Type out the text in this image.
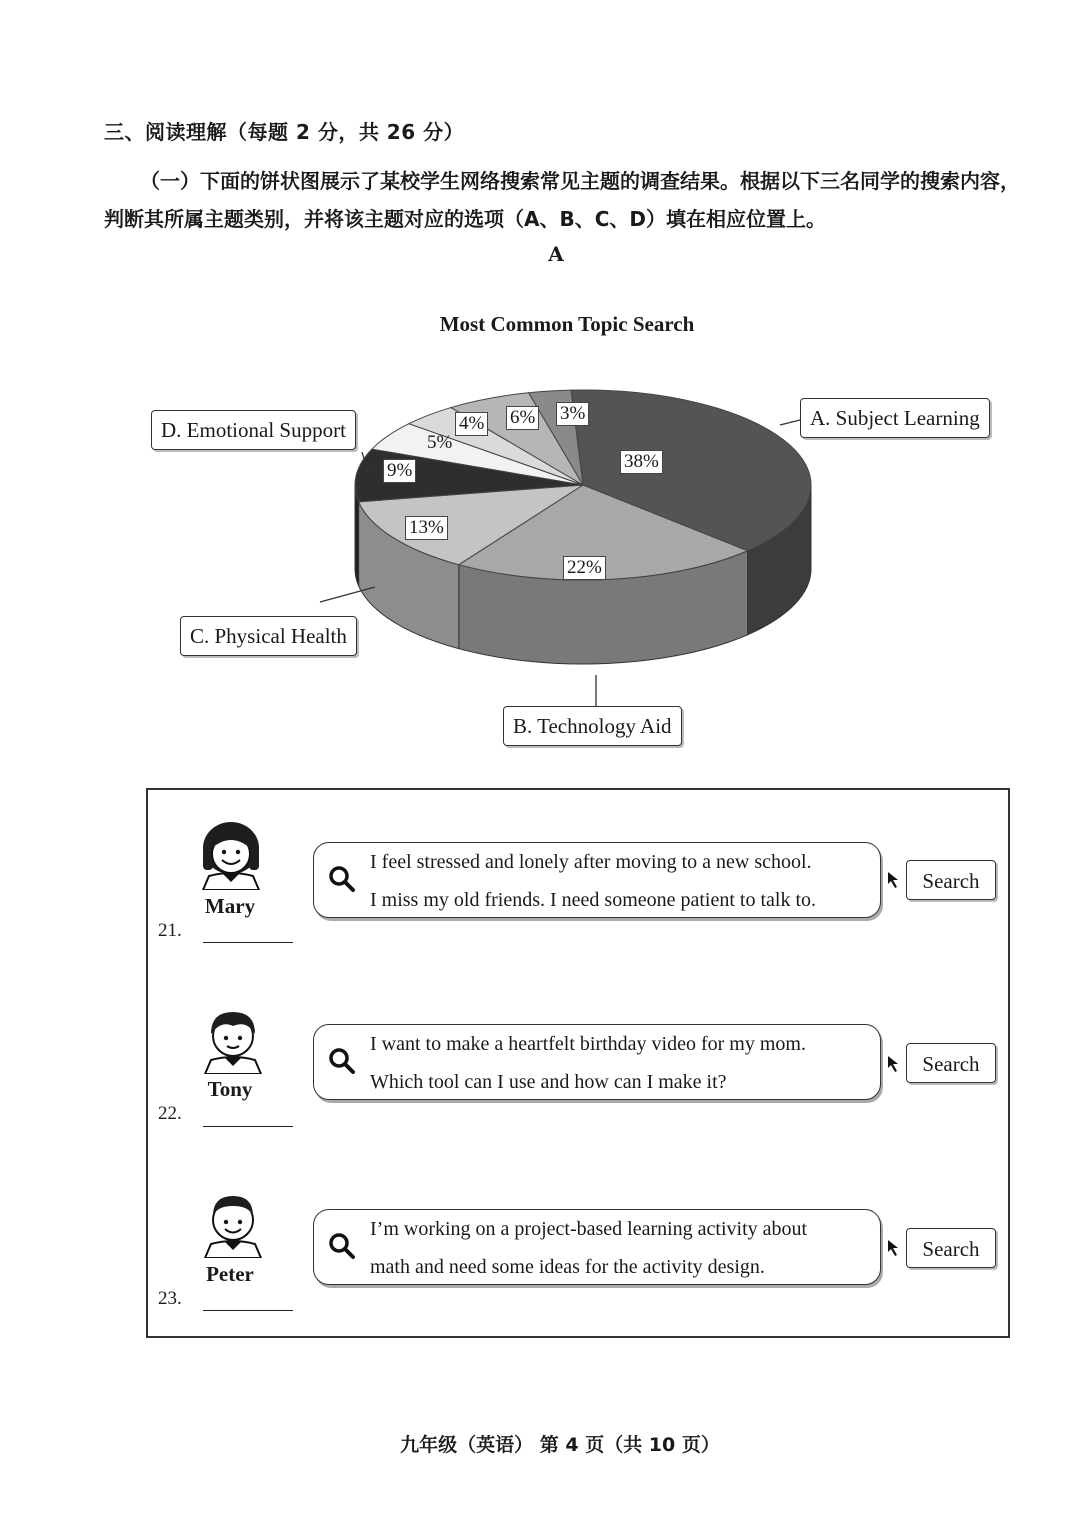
三、阅读理解（每题 2 分，共 26 分）
（一）下面的饼状图展示了某校学生网络搜索常见主题的调查结果。根据以下三名同学的搜索内容，判断其所属主题类别，并将该主题对应的选项（A、B、C、D）填在相应位置上。
A
Most Common Topic Search
38%
22%
13%
9%
5%
4% 6% 3%	A. Subject Learning
D. Emotional Support
C. Physical Health
B. Technology Aid
Mary
21.
I feel stressed and lonely after moving to a new school.
I miss my old friends. I need someone patient to talk to.
Search
Tony
22.
I want to make a heartfelt birthday video for my mom.
Which tool can I use and how can I make it?
Search
Peter
23.
I’m working on a project-based learning activity about
math and need some ideas for the activity design.
Search
九年级（英语） 第 4 页（共 10 页）
